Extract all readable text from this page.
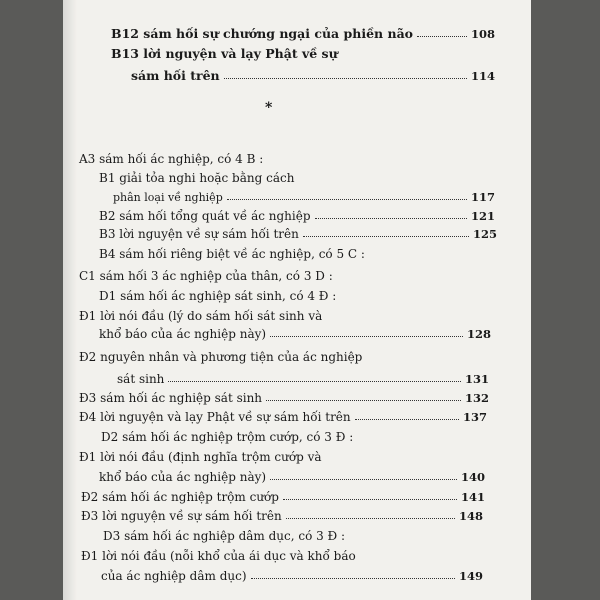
B12 sám hối sự chướng ngại của phiền não	108
B13 lời nguyện và lạy Phật về sự
sám hối trên	114
*
A3 sám hối ác nghiệp, có 4 B :
B1 giải tỏa nghi hoặc bằng cách
phân loại về nghiệp	117
B2 sám hối tổng quát về ác nghiệp	121
B3 lời nguyện về sự sám hối trên	125
B4 sám hối riêng biệt về ác nghiệp, có 5 C :
C1 sám hối 3 ác nghiệp của thân, có 3 D :
D1 sám hối ác nghiệp sát sinh, có 4 Đ :
Đ1 lời nói đầu (lý do sám hối sát sinh và
khổ báo của ác nghiệp này)	128
Đ2 nguyên nhân và phương tiện của ác nghiệp
sát sinh	131
Đ3 sám hối ác nghiệp sát sinh	132
Đ4 lời nguyện và lạy Phật về sự sám hối trên	137
D2 sám hối ác nghiệp trộm cướp, có 3 Đ :
Đ1 lời nói đầu (định nghĩa trộm cướp và
khổ báo của ác nghiệp này)	140
Đ2 sám hối ác nghiệp trộm cướp	141
Đ3 lời nguyện về sự sám hối trên	148
D3 sám hối ác nghiệp dâm dục, có 3 Đ :
Đ1 lời nói đầu (nỗi khổ của ái dục và khổ báo
của ác nghiệp dâm dục)	149
